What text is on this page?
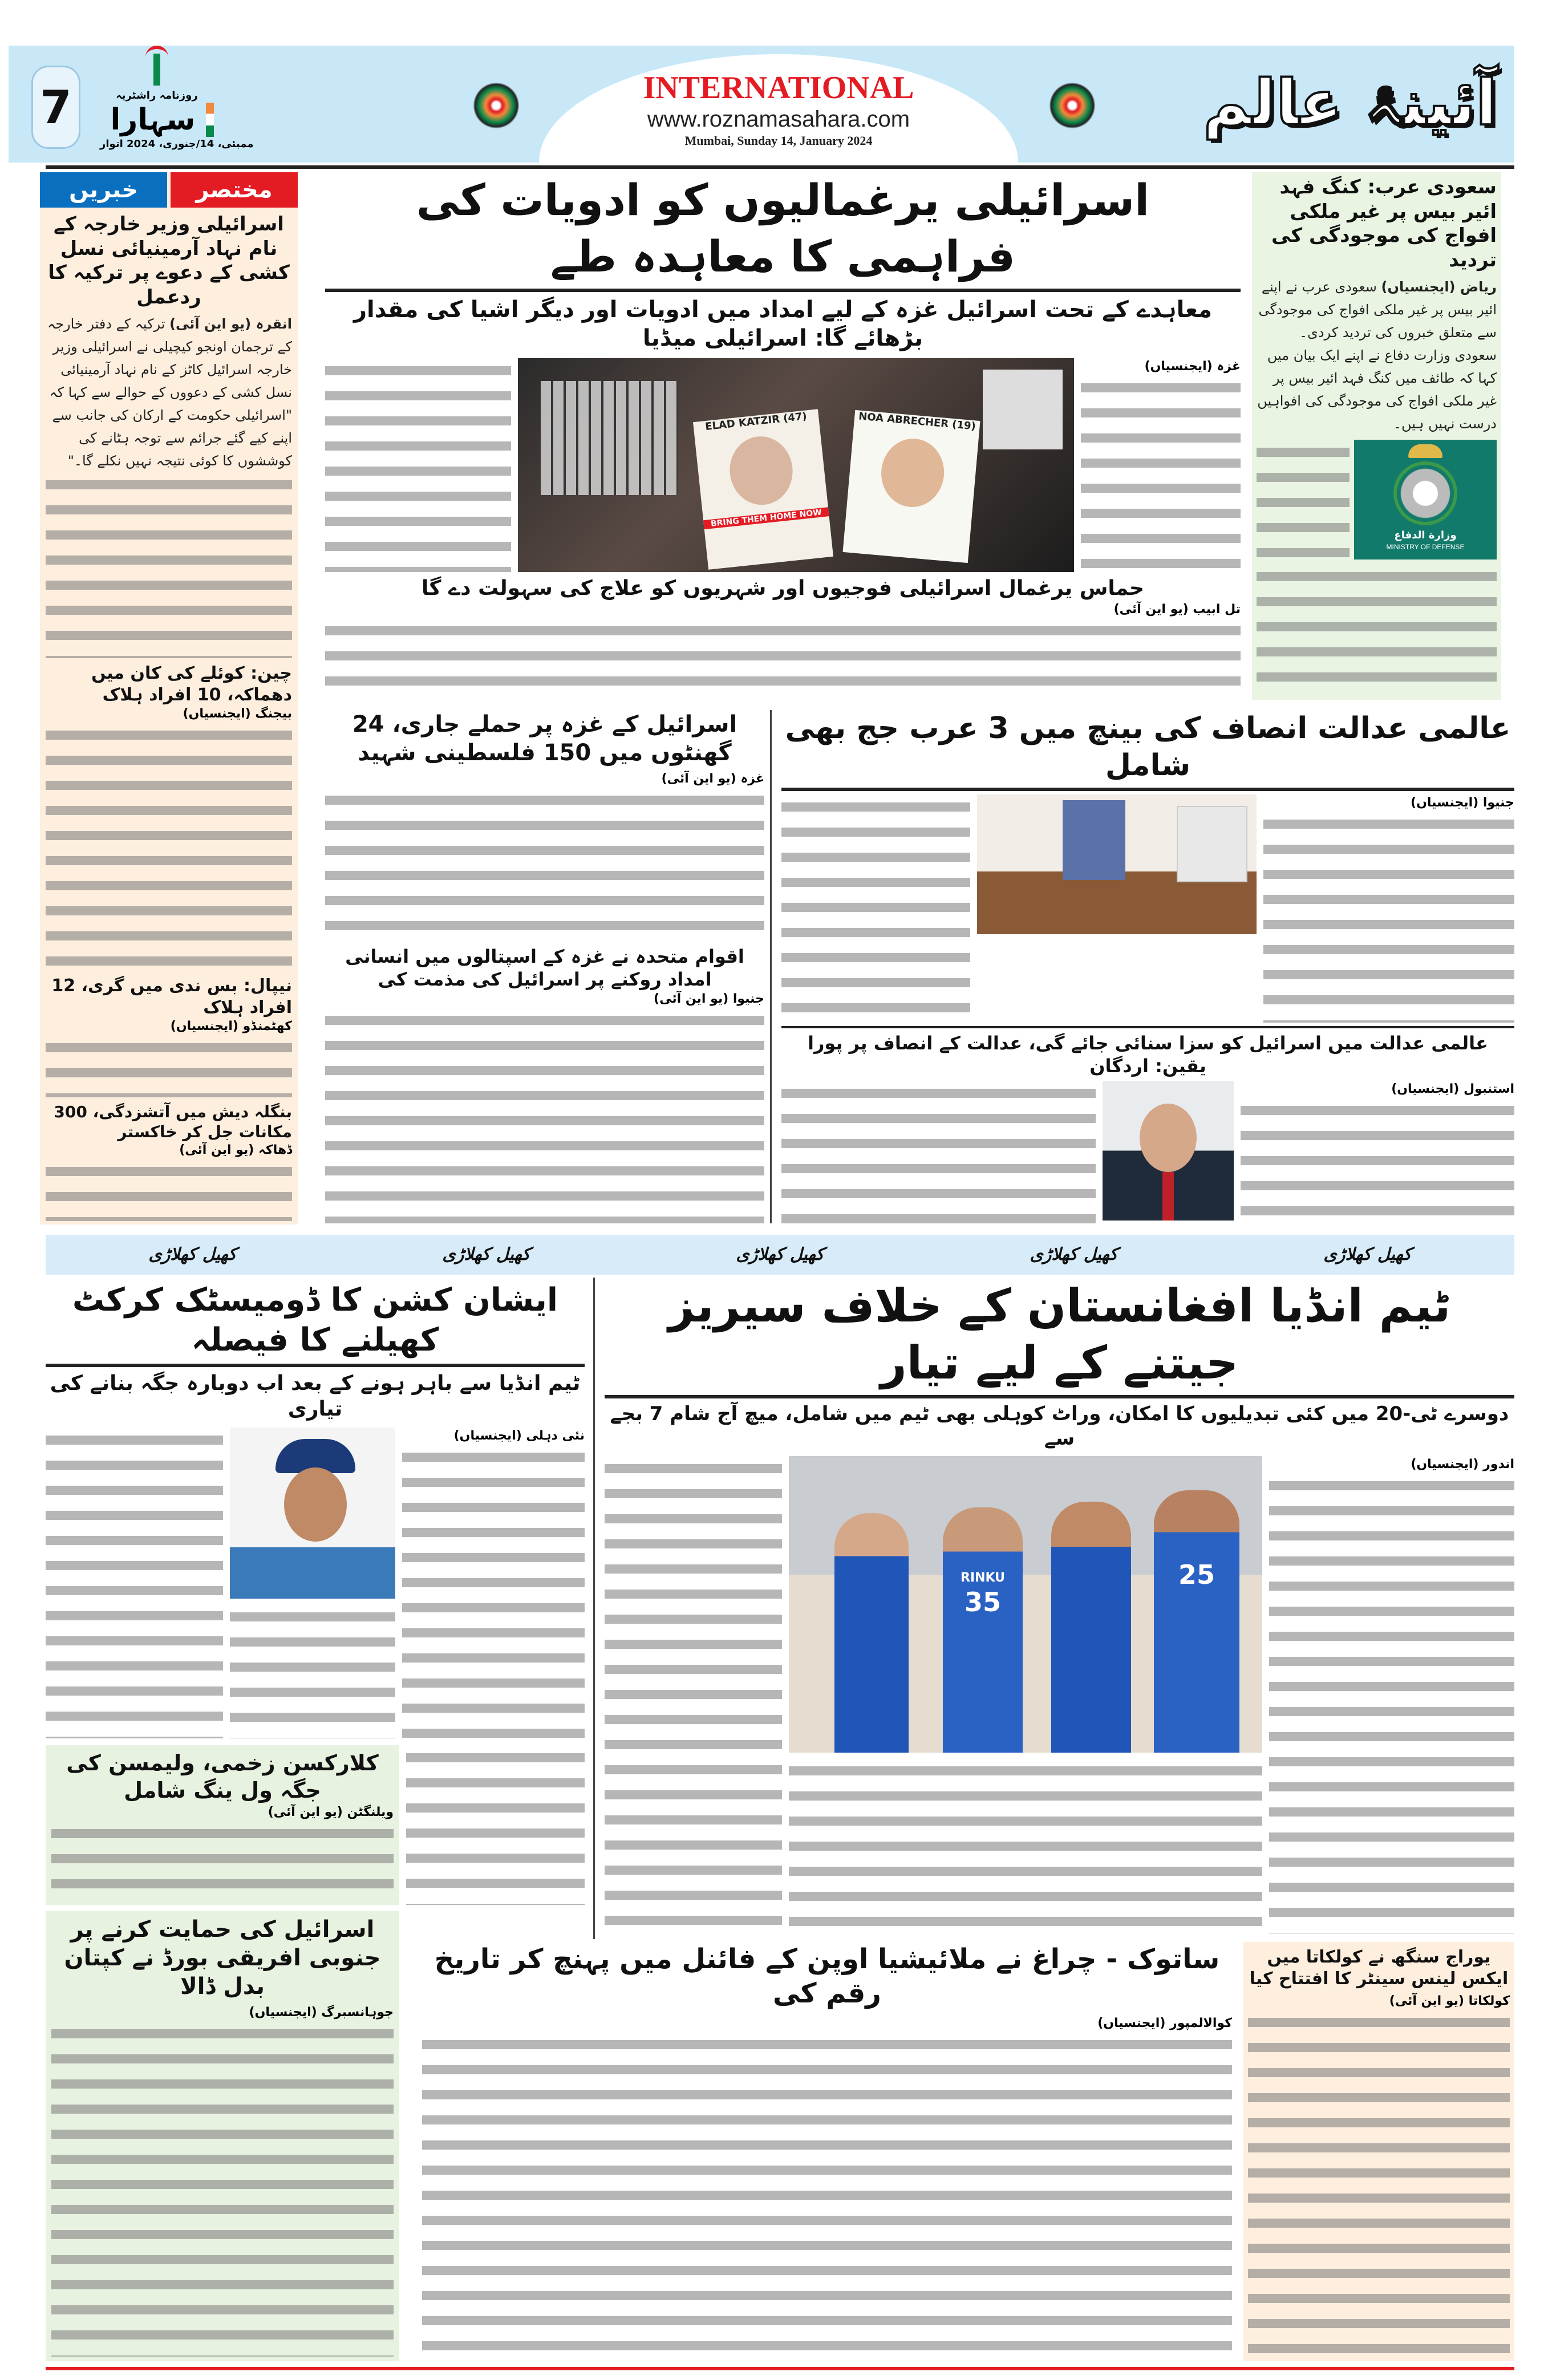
7	روزنامہ راشٹریہ
سہارا
ممبئی، 14/جنوری، 2024 اتوار
INTERNATIONAL
www.roznamasahara.com
Mumbai, Sunday 14, January 2024
آئینۂ عالم
خبریں	مختصر
اسرائیلی وزیر خارجہ کے نام نہاد آرمینیائی نسل کشی کے دعوے پر ترکیہ کا ردعمل
انقرہ (یو این آئی) ترکیہ کے دفتر خارجہ کے ترجمان اونجو کیچیلی نے اسرائیلی وزیر خارجہ اسرائیل کاٹز کے نام نہاد آرمینیائی نسل کشی کے دعووں کے حوالے سے کہا کہ "اسرائیلی حکومت کے ارکان کی جانب سے اپنے کیے گئے جرائم سے توجہ ہٹانے کی کوششوں کا کوئی نتیجہ نہیں نکلے گا۔"
چین: کوئلے کی کان میں دھماکہ، 10 افراد ہلاک
بیجنگ (ایجنسیاں)
نیپال: بس ندی میں گری، 12 افراد ہلاک
کھٹمنڈو (ایجنسیاں)
بنگلہ دیش میں آتشزدگی، 300 مکانات جل کر خاکستر
ڈھاکہ (یو این آئی)
اسرائیلی یرغمالیوں کو ادویات کی فراہمی کا معاہدہ طے
معاہدے کے تحت اسرائیل غزہ کے لیے امداد میں ادویات اور دیگر اشیا کی مقدار بڑھائے گا: اسرائیلی میڈیا
ELAD KATZIR (47)
BRING THEM HOME NOW
NOA ABRECHER (19)
غزہ (ایجنسیاں)
حماس یرغمال اسرائیلی فوجیوں اور شہریوں کو علاج کی سہولت دے گا
تل ابیب (یو این آئی)
سعودی عرب: کنگ فہد ائیر بیس پر غیر ملکی افواج کی موجودگی کی تردید
ریاض (ایجنسیاں) سعودی عرب نے اپنے ائیر بیس پر غیر ملکی افواج کی موجودگی سے متعلق خبروں کی تردید کردی۔ سعودی وزارت دفاع نے اپنے ایک بیان میں کہا کہ طائف میں کنگ فہد ائیر بیس پر غیر ملکی افواج کی موجودگی کی افواہیں درست نہیں ہیں۔
وزارة الدفاع
MINISTRY OF DEFENSE
اسرائیل کے غزہ پر حملے جاری، 24 گھنٹوں میں 150 فلسطینی شہید
غزہ (یو این آئی)
اقوام متحدہ نے غزہ کے اسپتالوں میں انسانی امداد روکنے پر اسرائیل کی مذمت کی
جنیوا (یو این آئی)
عالمی عدالت انصاف کی بینچ میں 3 عرب جج بھی شامل
جنیوا (ایجنسیاں)
عالمی عدالت میں اسرائیل کو سزا سنائی جائے گی، عدالت کے انصاف پر پورا یقین: اردگان
استنبول (ایجنسیاں)
کھیل کھلاڑی
کھیل کھلاڑی
کھیل کھلاڑی
کھیل کھلاڑی
کھیل کھلاڑی
ایشان کشن کا ڈومیسٹک کرکٹ کھیلنے کا فیصلہ
ٹیم انڈیا سے باہر ہونے کے بعد اب دوبارہ جگہ بنانے کی تیاری
نئی دہلی (ایجنسیاں)
کلارکسن زخمی، ولیمسن کی جگہ ول ینگ شامل
ویلنگٹن (یو این آئی)
اسرائیل کی حمایت کرنے پر جنوبی افریقی بورڈ نے کپتان بدل ڈالا
جوہانسبرگ (ایجنسیاں)
ٹیم انڈیا افغانستان کے خلاف سیریز جیتنے کے لیے تیار
دوسرے ٹی-20 میں کئی تبدیلیوں کا امکان، وراٹ کوہلی بھی ٹیم میں شامل، میچ آج شام 7 بجے سے
RINKU
35
25
اندور (ایجنسیاں)
ساتوک - چراغ نے ملائیشیا اوپن کے فائنل میں پہنچ کر تاریخ رقم کی
کوالالمپور (ایجنسیاں)
یوراج سنگھ نے کولکاتا میں ایکس لینس سینٹر کا افتتاح کیا
کولکاتا (یو این آئی)
